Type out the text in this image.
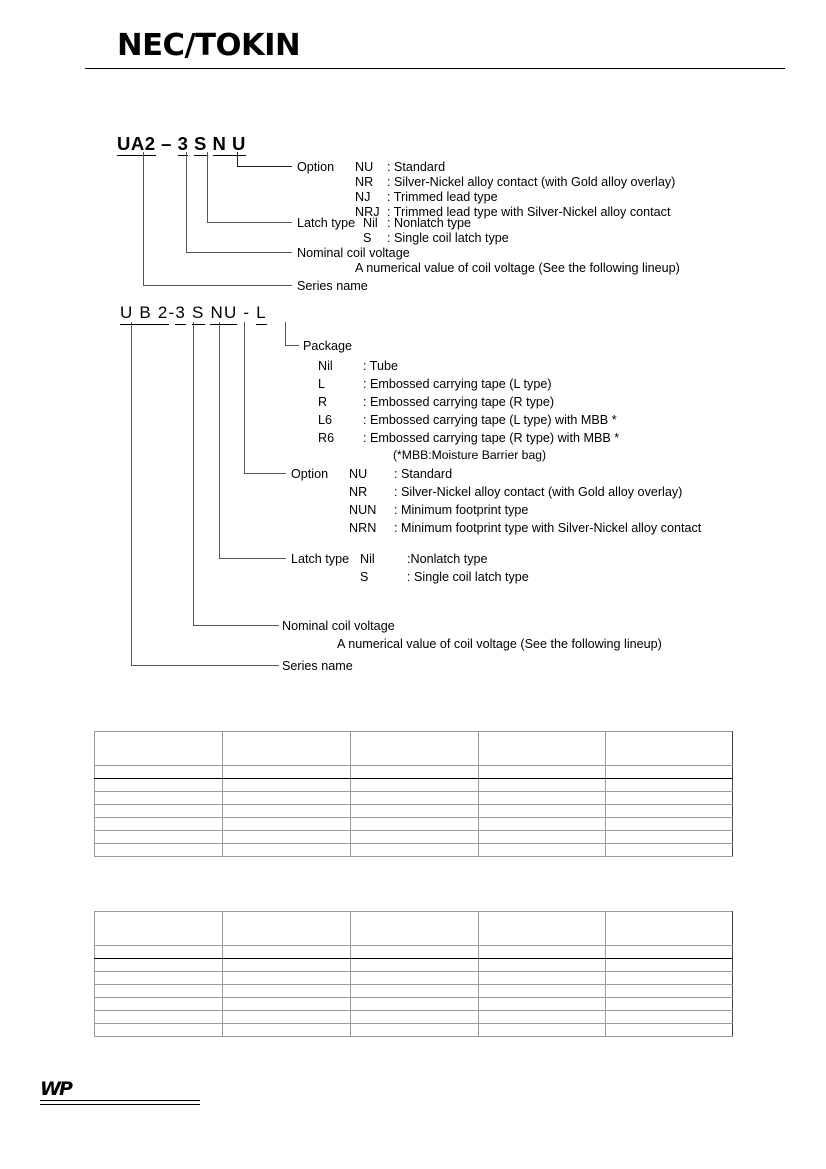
NEC/TOKIN
UA2 – 3 S N U
Option NU : Standard
NR : Silver-Nickel alloy contact (with Gold alloy overlay)
NJ : Trimmed lead type
NRJ : Trimmed lead type with Silver-Nickel alloy contact
Latch type Nil : Nonlatch type
S : Single coil latch type
Nominal coil voltage
A numerical value of coil voltage (See the following lineup)
Series name
U B 2-3 S NU - L
Package
Nil : Tube
L	: Embossed carrying tape (L type)
R	: Embossed carrying tape (R type)
L6 : Embossed carrying tape (L type) with MBB *
R6 : Embossed carrying tape (R type) with MBB *
(*MBB:Moisture Barrier bag)
Option NU : Standard
NR : Silver-Nickel alloy contact (with Gold alloy overlay)
NUN : Minimum footprint type
NRN : Minimum footprint type with Silver-Nickel alloy contact
Latch type Nil	:Nonlatch type
S	: Single coil latch type
Nominal coil voltage
A numerical value of coil voltage (See the following lineup)
Series name

WP
